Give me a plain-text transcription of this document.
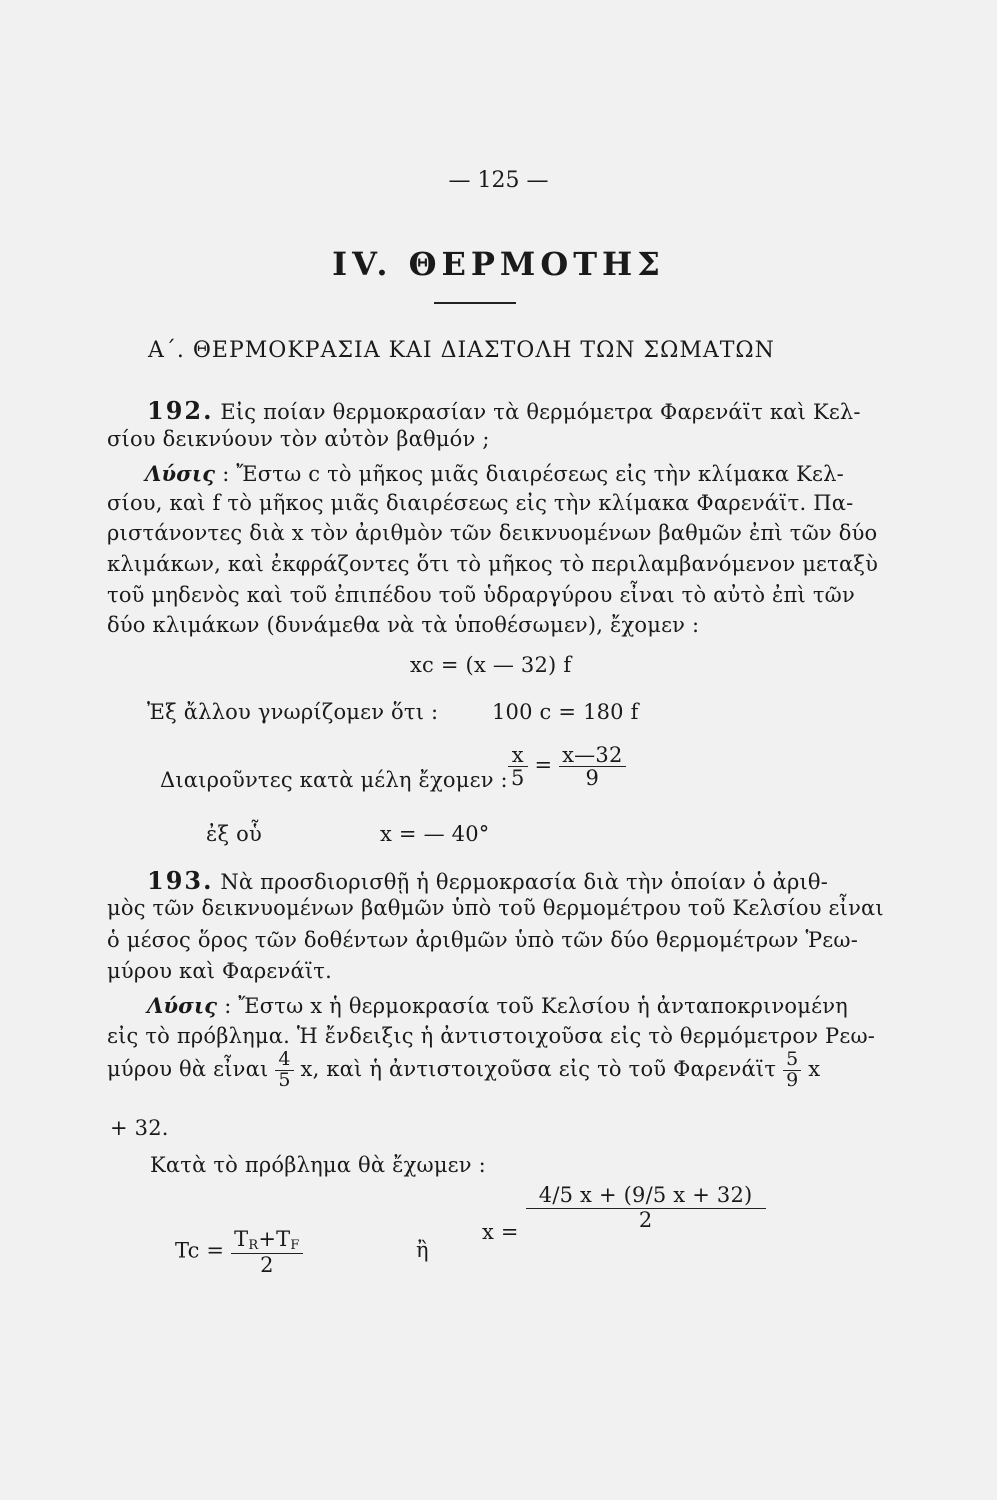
— 125 —
IV. ΘΕΡΜΟΤΗΣ
Α΄. ΘΕΡΜΟΚΡΑΣΙΑ ΚΑΙ ΔΙΑΣΤΟΛΗ ΤΩΝ ΣΩΜΑΤΩΝ
192. Εἰς ποίαν θερμοκρασίαν τὰ θερμόμετρα Φαρενάϊτ καὶ Κελ-
σίου δεικνύουν τὸν αὐτὸν βαθμόν ;
Λύσις : Ἔστω c τὸ μῆκος μιᾶς διαιρέσεως εἰς τὴν κλίμακα Κελ-
σίου, καὶ f τὸ μῆκος μιᾶς διαιρέσεως εἰς τὴν κλίμακα Φαρενάϊτ. Πα-
ριστάνοντες διὰ x τὸν ἀριθμὸν τῶν δεικνυομένων βαθμῶν ἐπὶ τῶν δύο
κλιμάκων, καὶ ἐκφράζοντες ὅτι τὸ μῆκος τὸ περιλαμβανόμενον μεταξὺ
τοῦ μηδενὸς καὶ τοῦ ἐπιπέδου τοῦ ὑδραργύρου εἶναι τὸ αὐτὸ ἐπὶ τῶν
δύο κλιμάκων (δυνάμεθα νὰ τὰ ὑποθέσωμεν), ἔχομεν :
xc = (x — 32) f
Ἐξ ἄλλου γνωρίζομεν ὅτι :	100 c = 180 f
Διαιροῦντες κατὰ μέλη ἔχομεν : $\frac{x}{5} = \frac{x—32}{9}$
ἐξ οὗ	x = — 40°
193. Νὰ προσδιορισθῇ ἡ θερμοκρασία διὰ τὴν ὁποίαν ὁ ἀριθ-
μὸς τῶν δεικνυομένων βαθμῶν ὑπὸ τοῦ θερμομέτρου τοῦ Κελσίου εἶναι
ὁ μέσος ὅρος τῶν δοθέντων ἀριθμῶν ὑπὸ τῶν δύο θερμομέτρων Ῥεω-
μύρου καὶ Φαρενάϊτ.
Λύσις : Ἔστω x ἡ θερμοκρασία τοῦ Κελσίου ἡ ἀνταποκρινομένη
εἰς τὸ πρόβλημα. Ἡ ἔνδειξις ἡ ἀντιστοιχοῦσα εἰς τὸ θερμόμετρον Ρεω-
μύρου θὰ εἶναι $\frac{4}{5} x$, καὶ ἡ ἀντιστοιχοῦσα εἰς τὸ τοῦ Φαρενάϊτ $\frac{5}{9}$ x
+ 32.
Κατὰ τὸ πρόβλημα θὰ ἔχωμεν :
$Tc = \frac{T_R+T_F}{2}$	ἢ
x =
$\frac{4/5 x + (9/5 x + 32)}{2}$
